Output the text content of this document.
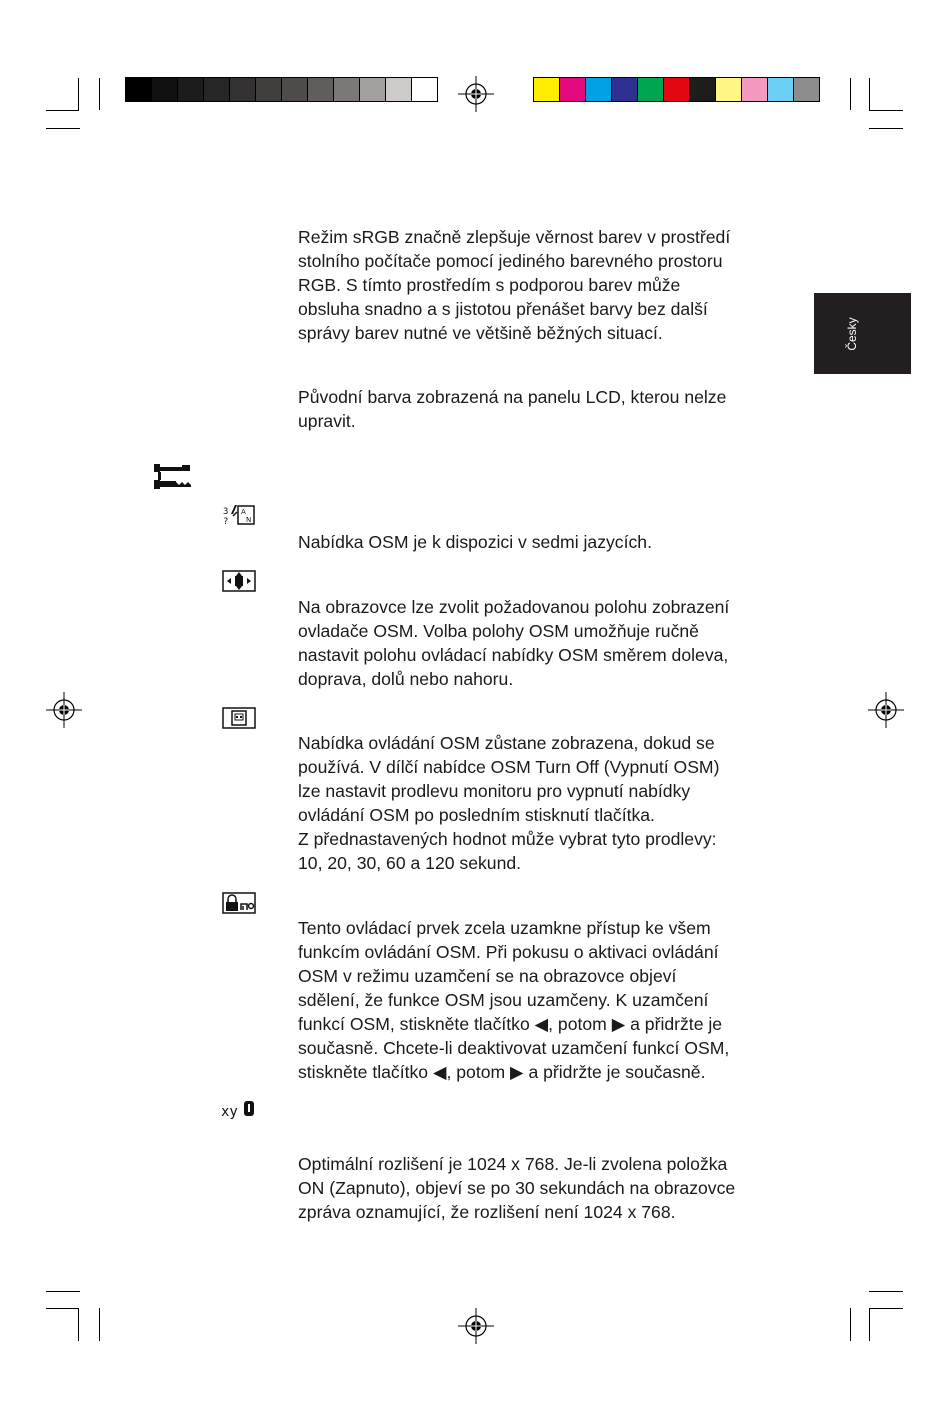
Česky
3
?
A
N
xy
Režim sRGB značně zlepšuje věrnost barev v prostředí
stolního počítače pomocí jediného barevného prostoru
RGB. S tímto prostředím s podporou barev může
obsluha snadno a s jistotou přenášet barvy bez další
správy barev nutné ve většině běžných situací.
Původní barva zobrazená na panelu LCD, kterou nelze
upravit.
Nabídka OSM je k dispozici v sedmi jazycích.
Na obrazovce lze zvolit požadovanou polohu zobrazení
ovladače OSM. Volba polohy OSM umožňuje ručně
nastavit polohu ovládací nabídky OSM směrem doleva,
doprava, dolů nebo nahoru.
Nabídka ovládání OSM zůstane zobrazena, dokud se
používá. V dílčí nabídce OSM Turn Off (Vypnutí OSM)
lze nastavit prodlevu monitoru pro vypnutí nabídky
ovládání OSM po posledním stisknutí tlačítka.
Z přednastavených hodnot může vybrat tyto prodlevy:
10, 20, 30, 60 a 120 sekund.
Tento ovládací prvek zcela uzamkne přístup ke všem
funkcím ovládání OSM. Při pokusu o aktivaci ovládání
OSM v režimu uzamčení se na obrazovce objeví
sdělení, že funkce OSM jsou uzamčeny. K uzamčení
funkcí OSM, stiskněte tlačítko ◀, potom ▶ a přidržte je
současně. Chcete-li deaktivovat uzamčení funkcí OSM,
stiskněte tlačítko ◀, potom ▶ a přidržte je současně.
Optimální rozlišení je 1024 x 768. Je-li zvolena položka
ON (Zapnuto), objeví se po 30 sekundách na obrazovce
zpráva oznamující, že rozlišení není 1024 x 768.
